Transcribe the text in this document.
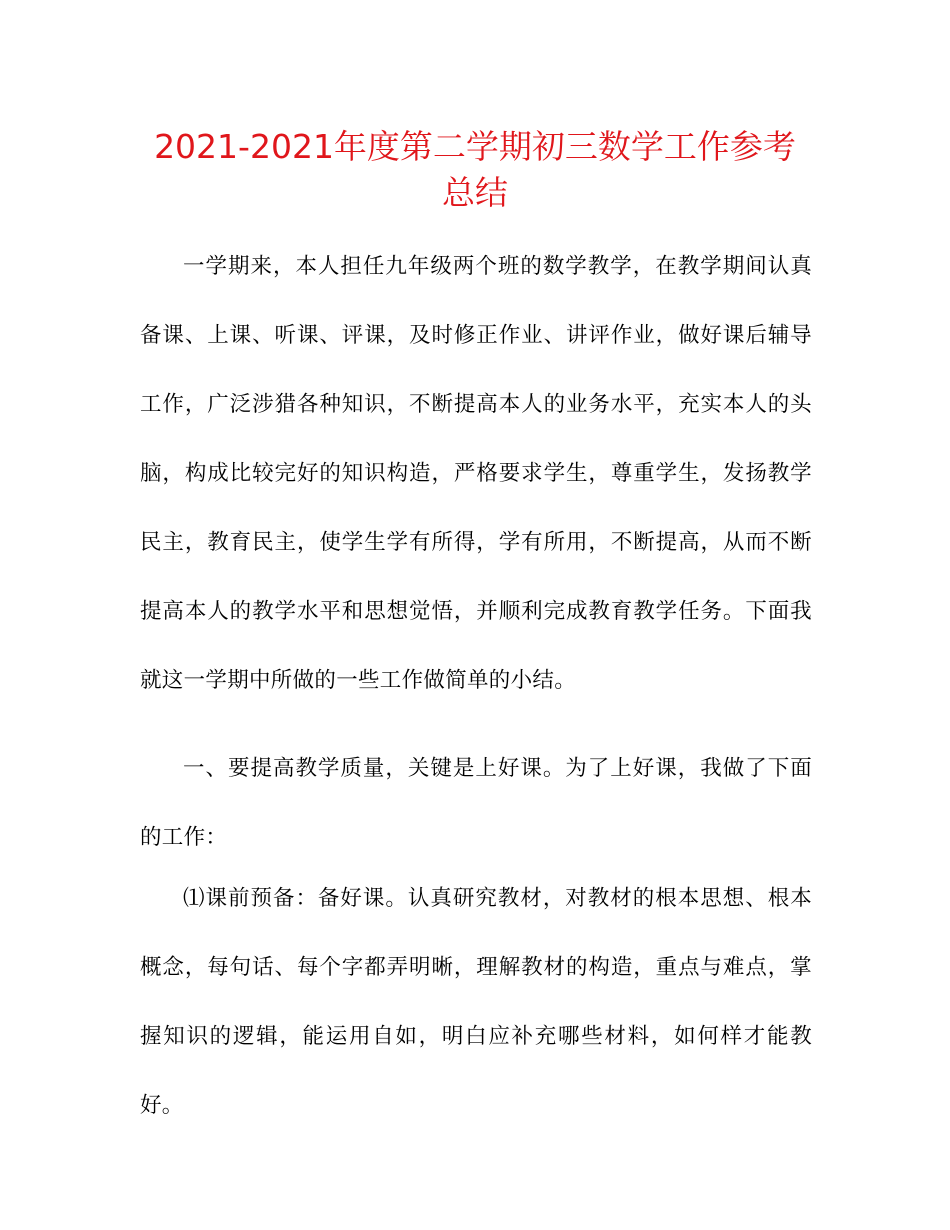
2021-2021年度第二学期初三数学工作参考总结

一学期来，本人担任九年级两个班的数学教学，在教学期间认真备课、上课、听课、评课，及时修正作业、讲评作业，做好课后辅导工作，广泛涉猎各种知识，不断提高本人的业务水平，充实本人的头脑，构成比较完好的知识构造，严格要求学生，尊重学生，发扬教学民主，教育民主，使学生学有所得，学有所用，不断提高，从而不断提高本人的教学水平和思想觉悟，并顺利完成教育教学任务。下面我就这一学期中所做的一些工作做简单的小结。

一、要提高教学质量，关键是上好课。为了上好课，我做了下面的工作：

⑴课前预备：备好课。认真研究教材，对教材的根本思想、根本概念，每句话、每个字都弄明晰，理解教材的构造，重点与难点，掌握知识的逻辑，能运用自如，明白应补充哪些材料，如何样才能教好。
